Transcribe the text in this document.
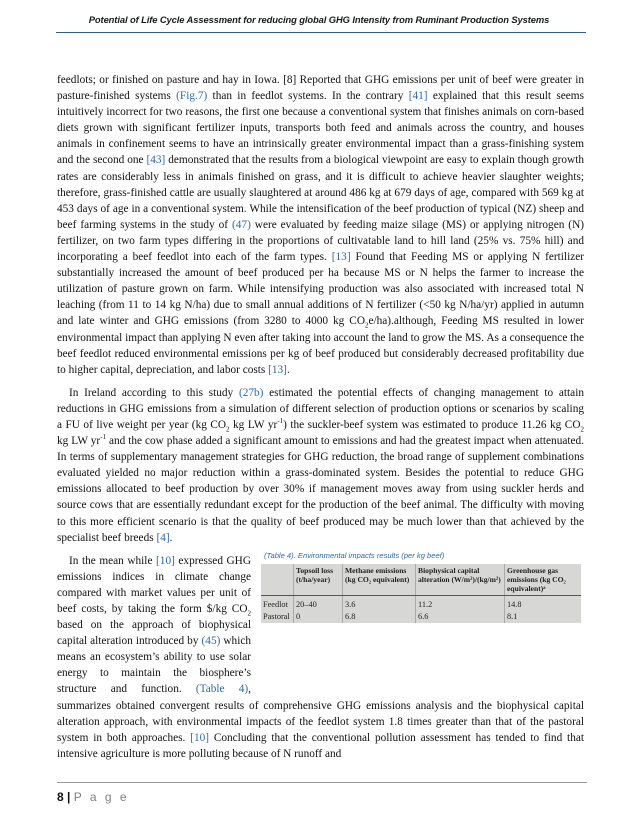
Potential of Life Cycle Assessment for reducing global GHG Intensity from Ruminant Production Systems

feedlots; or finished on pasture and hay in Iowa. [8] Reported that GHG emissions per unit of beef were greater in pasture-finished systems (Fig.7) than in feedlot systems. In the contrary [41] explained that this result seems intuitively incorrect for two reasons, the first one because a conventional system that finishes animals on corn-based diets grown with significant fertilizer inputs, transports both feed and animals across the country, and houses animals in confinement seems to have an intrinsically greater environmental impact than a grass-finishing system and the second one [43] demonstrated that the results from a biological viewpoint are easy to explain though growth rates are considerably less in animals finished on grass, and it is difficult to achieve heavier slaughter weights; therefore, grass-finished cattle are usually slaughtered at around 486 kg at 679 days of age, compared with 569 kg at 453 days of age in a conventional system. While the intensification of the beef production of typical (NZ) sheep and beef farming systems in the study of (47) were evaluated by feeding maize silage (MS) or applying nitrogen (N) fertilizer, on two farm types differing in the proportions of cultivatable land to hill land (25% vs. 75% hill) and incorporating a beef feedlot into each of the farm types. [13] Found that Feeding MS or applying N fertilizer substantially increased the amount of beef produced per ha because MS or N helps the farmer to increase the utilization of pasture grown on farm. While intensifying production was also associated with increased total N leaching (from 11 to 14 kg N/ha) due to small annual additions of N fertilizer (<50 kg N/ha/yr) applied in autumn and late winter and GHG emissions (from 3280 to 4000 kg $CO_2e/ha).although$, Feeding MS resulted in lower environmental impact than applying N even after taking into account the land to grow the MS. As a consequence the beef feedlot reduced environmental emissions per kg of beef produced but considerably decreased profitability due to higher capital, depreciation, and labor costs [13].

In Ireland according to this study (27b) estimated the potential effects of changing management to attain reductions in GHG emissions from a simulation of different selection of production options or scenarios by scaling a FU of live weight per year (kg $CO_2$ kg LW $yr^{-1}$) the suckler-beef system was estimated to produce 11.26 kg $CO_2$ kg LW $yr^{-1}$ and the cow phase added a significant amount to emissions and had the greatest impact when attenuated. In terms of supplementary management strategies for GHG reduction, the broad range of supplement combinations evaluated yielded no major reduction within a grass-dominated system. Besides the potential to reduce GHG emissions allocated to beef production by over 30% if management moves away from using suckler herds and source cows that are essentially redundant except for the production of the beef animal. The difficulty with moving to this more efficient scenario is that the quality of beef produced may be much lower than that achieved by the specialist beef breeds [4].

(Table 4). Environmental impacts results (per kg beef)
	Topsoil loss (t/ha/year)	Methane emissions (kg CO₂ equivalent)	Biophysical capital alteration (W/m²)/(kg/m²)	Greenhouse gas emissions (kg CO₂ equivalent)ᵃ
Feedlot	20–40	3.6	11.2	14.8
Pastoral	0	6.8	6.6	8.1

In the mean while [10] expressed GHG emissions indices in climate change compared with market values per unit of beef costs, by taking the form $/kg $CO_2$ based on the approach of biophysical capital alteration introduced by (45) which means an ecosystem’s ability to use solar energy to maintain the biosphere’s structure and function. (Table 4), summarizes obtained convergent results of comprehensive GHG emissions analysis and the biophysical capital alteration approach, with environmental impacts of the feedlot system 1.8 times greater than that of the pastoral system in both approaches. [10] Concluding that the conventional pollution assessment has tended to find that intensive agriculture is more polluting because of N runoff and

8 | P a g e
